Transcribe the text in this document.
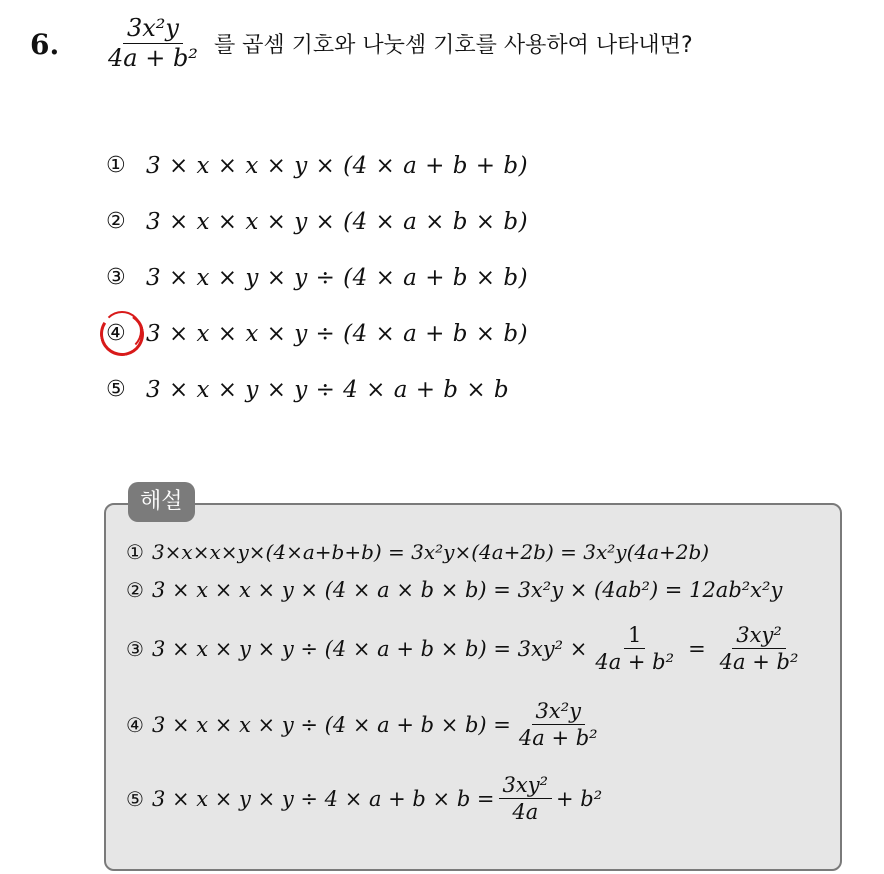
6. $\frac{\text{3x²y}}{\text{4a + b²}}$ 를 곱셈 기호와 나눗셈 기호를 사용하여 나타내면?
① 3 × x × x × y × (4 × a + b + b)
② 3 × x × x × y × (4 × a × b × b)
③ 3 × x × y × y ÷ (4 × a + b × b)
④ 3 × x × x × y ÷ (4 × a + b × b)
⑤ 3 × x × y × y ÷ 4 × a + b × b
해설
① 3×x×x×y×(4×a+b+b) = 3x²y×(4a+2b) = 3x²y(4a+2b)
② 3 × x × x × y × (4 × a × b × b) = 3x²y × (4ab²) = 12ab²x²y
③ $3 \times x \times y \times y \div (4 \times a + b \times b) = 3xy^2 \times \frac{1}{\text{4a + b²}} = \frac{\text{3xy²}}{\text{4a + b²}}$
④ $3 \times x \times x \times y \div (4 \times a + b \times b) = \frac{\text{3x²y}}{\text{4a + b²}}$
⑤ $3 \times x \times y \times y \div 4 \times a + b \times b = \frac{\text{3xy²}}{4a} + b^2$
